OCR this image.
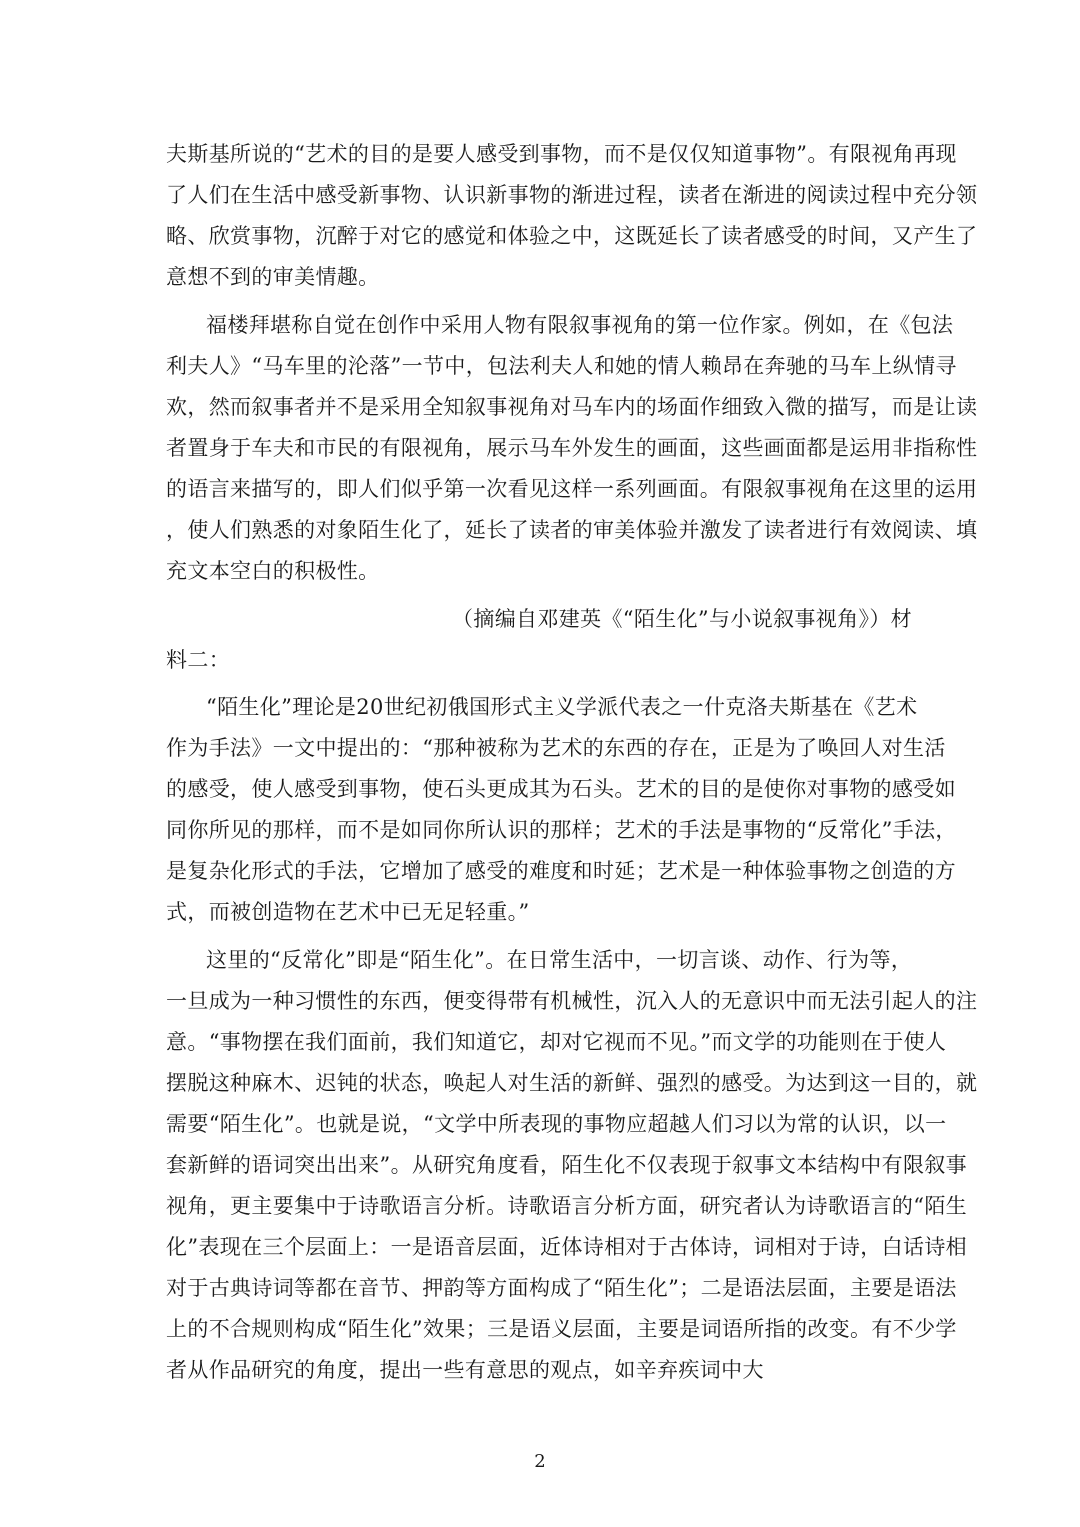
夫斯基所说的“艺术的目的是要人感受到事物，而不是仅仅知道事物”。有限视角再现
了人们在生活中感受新事物、认识新事物的渐进过程，读者在渐进的阅读过程中充分领
略、欣赏事物，沉醉于对它的感觉和体验之中，这既延长了读者感受的时间，又产生了
意想不到的审美情趣。
福楼拜堪称自觉在创作中采用人物有限叙事视角的第一位作家。例如，在《包法
利夫人》“马车里的沦落”一节中，包法利夫人和她的情人赖昂在奔驰的马车上纵情寻
欢，然而叙事者并不是采用全知叙事视角对马车内的场面作细致入微的描写，而是让读
者置身于车夫和市民的有限视角，展示马车外发生的画面，这些画面都是运用非指称性
的语言来描写的，即人们似乎第一次看见这样一系列画面。有限叙事视角在这里的运用
，使人们熟悉的对象陌生化了，延长了读者的审美体验并激发了读者进行有效阅读、填
充文本空白的积极性。
（摘编自邓建英《“陌生化”与小说叙事视角》）材
料二：
“陌生化”理论是20世纪初俄国形式主义学派代表之一什克洛夫斯基在《艺术
作为手法》一文中提出的：“那种被称为艺术的东西的存在，正是为了唤回人对生活
的感受，使人感受到事物，使石头更成其为石头。艺术的目的是使你对事物的感受如
同你所见的那样，而不是如同你所认识的那样；艺术的手法是事物的“反常化”手法，
是复杂化形式的手法，它增加了感受的难度和时延；艺术是一种体验事物之创造的方
式，而被创造物在艺术中已无足轻重。”
这里的“反常化”即是“陌生化”。在日常生活中，一切言谈、动作、行为等，
一旦成为一种习惯性的东西，便变得带有机械性，沉入人的无意识中而无法引起人的注
意。“事物摆在我们面前，我们知道它，却对它视而不见。”而文学的功能则在于使人
摆脱这种麻木、迟钝的状态，唤起人对生活的新鲜、强烈的感受。为达到这一目的，就
需要“陌生化”。也就是说，“文学中所表现的事物应超越人们习以为常的认识，以一
套新鲜的语词突出出来”。从研究角度看，陌生化不仅表现于叙事文本结构中有限叙事
视角，更主要集中于诗歌语言分析。诗歌语言分析方面，研究者认为诗歌语言的“陌生
化”表现在三个层面上：一是语音层面，近体诗相对于古体诗，词相对于诗，白话诗相
对于古典诗词等都在音节、押韵等方面构成了“陌生化”；二是语法层面，主要是语法
上的不合规则构成“陌生化”效果；三是语义层面，主要是词语所指的改变。有不少学
者从作品研究的角度，提出一些有意思的观点，如辛弃疾词中大
2
